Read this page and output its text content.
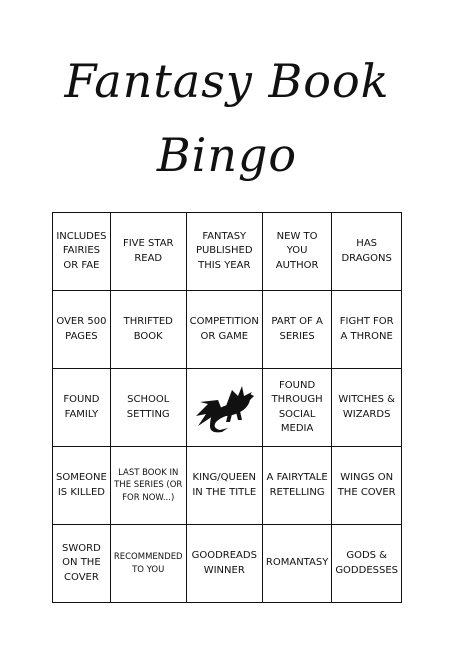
Fantasy Book
Bingo
INCLUDES FAIRIES OR FAE
FIVE STAR READ
FANTASY PUBLISHED THIS YEAR
NEW TO YOU AUTHOR
HAS DRAGONS
OVER 500 PAGES
THRIFTED BOOK
COMPETITION OR GAME
PART OF A SERIES
FIGHT FOR A THRONE
FOUND FAMILY
SCHOOL SETTING
FOUND THROUGH SOCIAL MEDIA
WITCHES & WIZARDS
SOMEONE IS KILLED
LAST BOOK IN THE SERIES (OR FOR NOW...)
KING/QUEEN IN THE TITLE
A FAIRYTALE RETELLING
WINGS ON THE COVER
SWORD ON THE COVER
RECOMMENDED TO YOU
GOODREADS WINNER
ROMANTASY
GODS & GODDESSES
